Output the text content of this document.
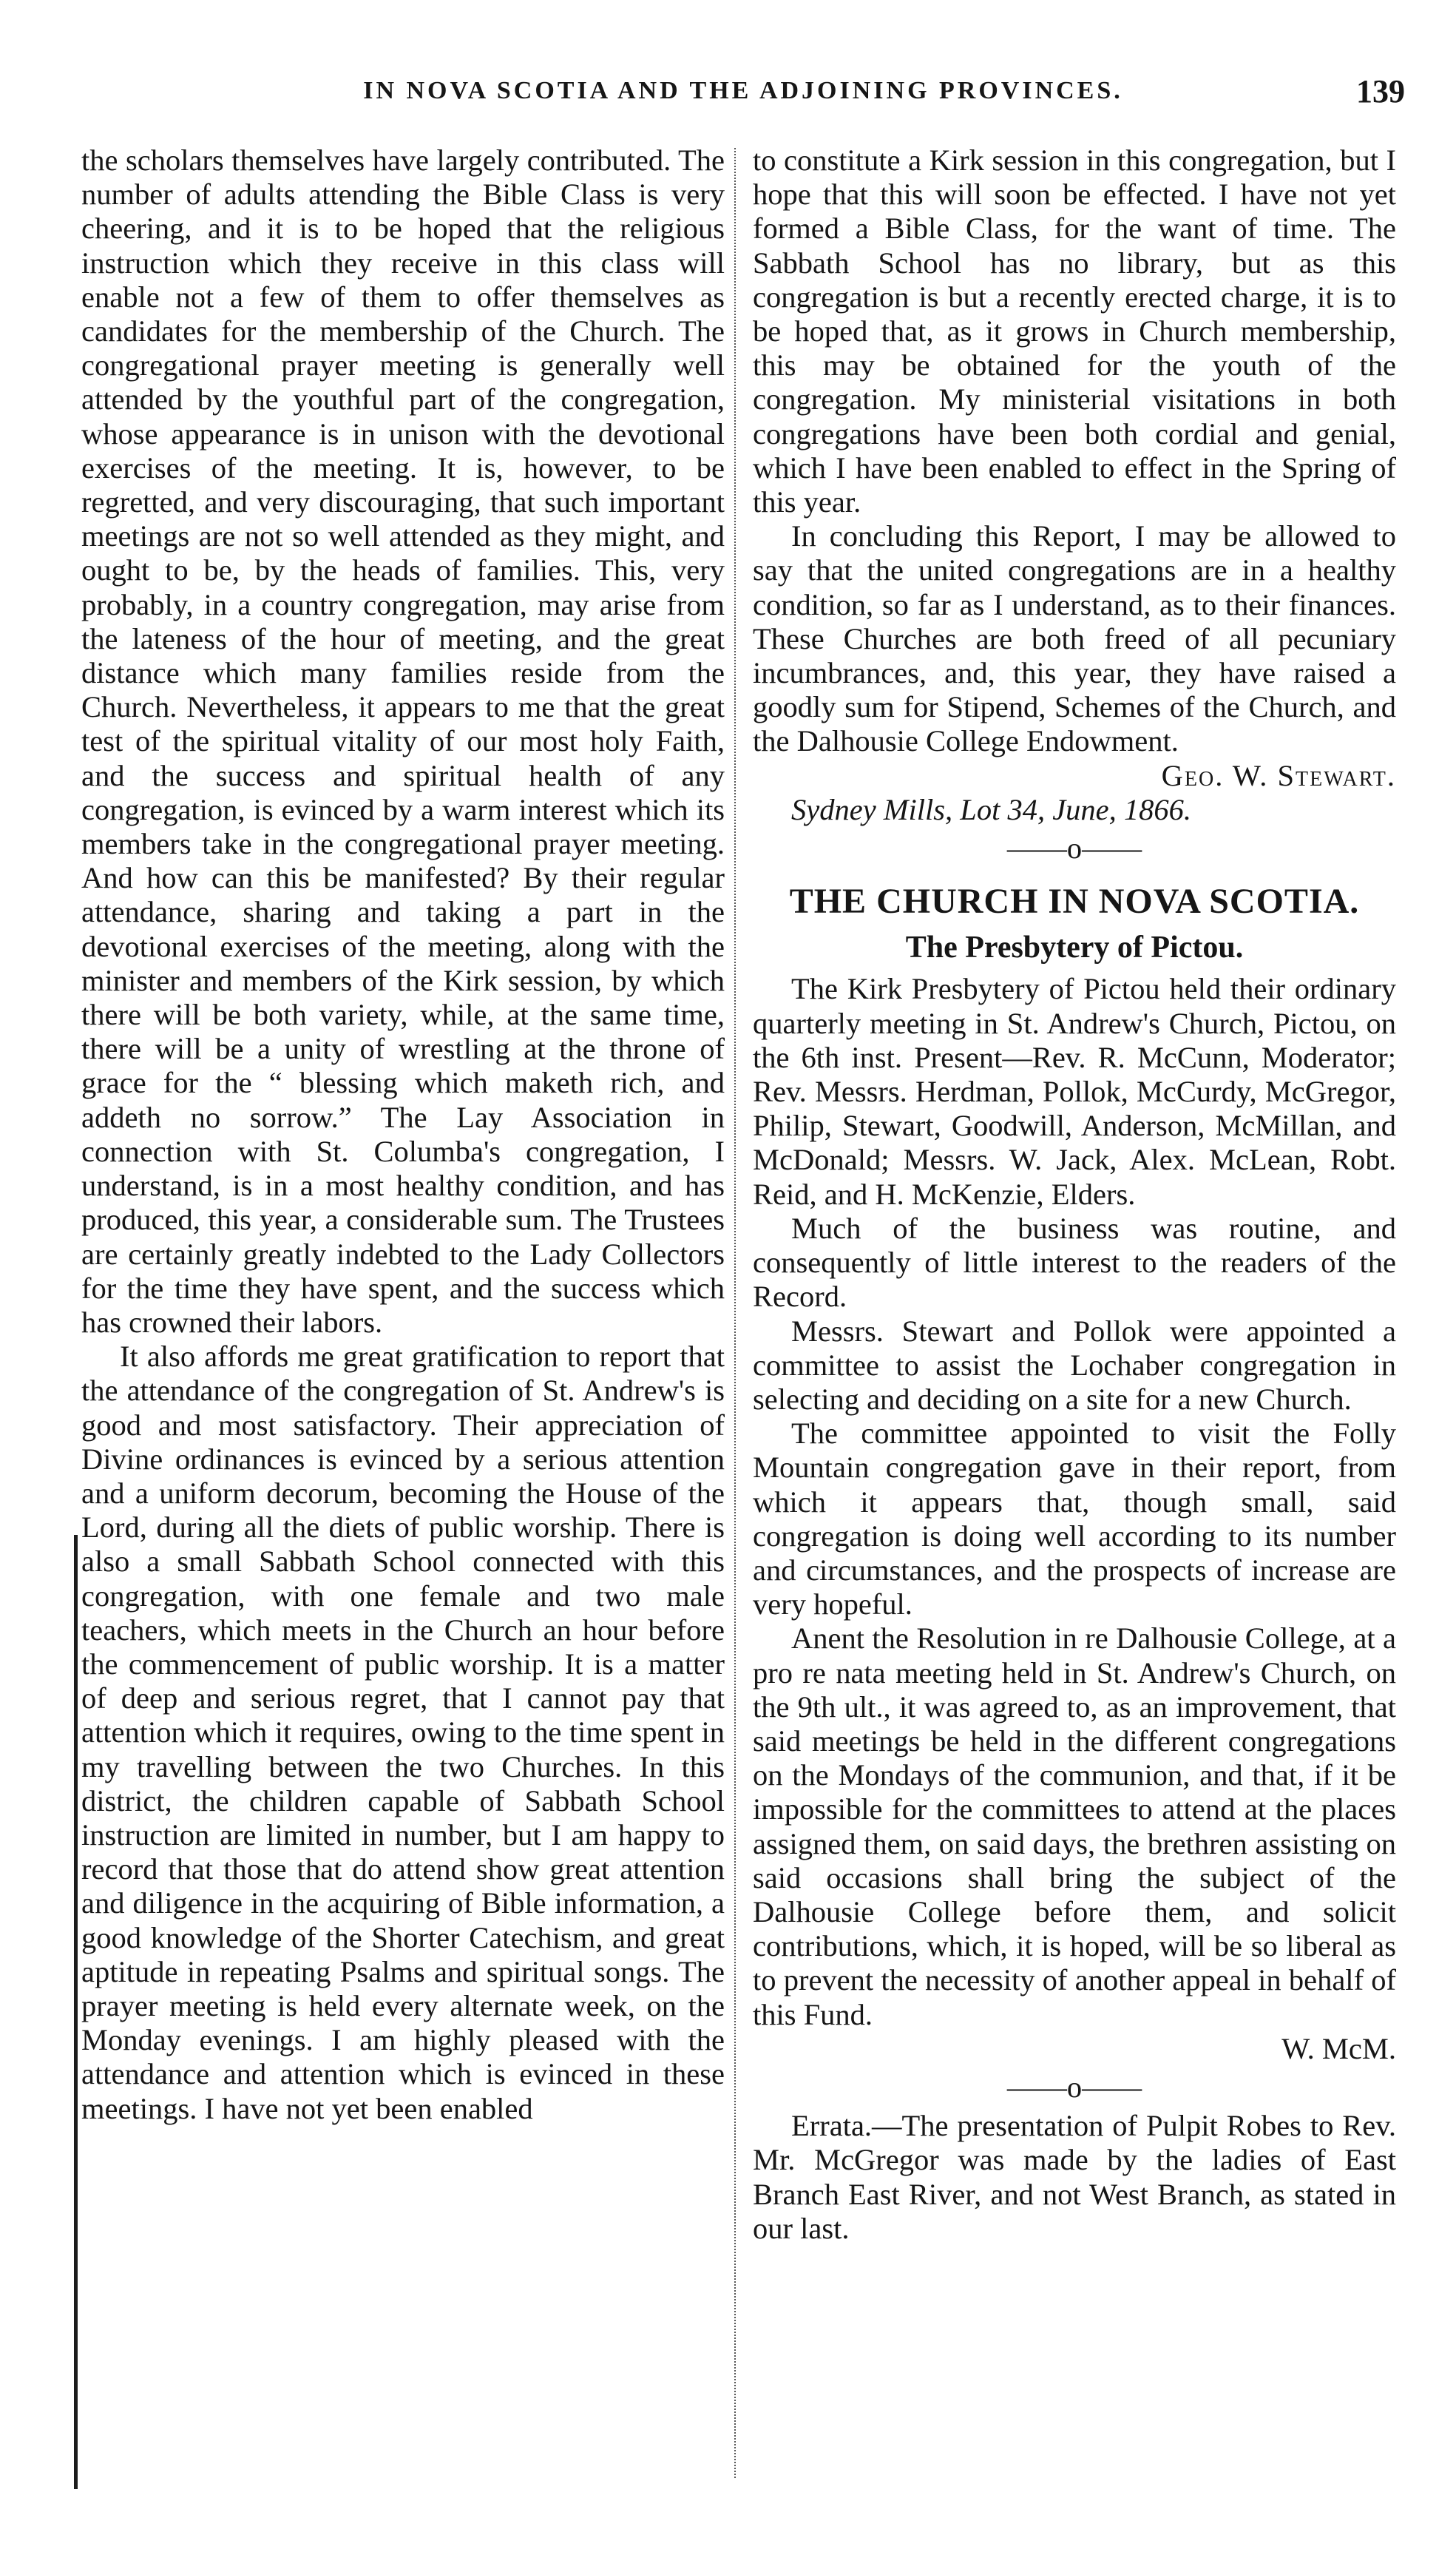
IN NOVA SCOTIA AND THE ADJOINING PROVINCES.	139

the scholars themselves have largely contributed. The number of adults attending the Bible Class is very cheering, and it is to be hoped that the religious instruction which they receive in this class will enable not a few of them to offer themselves as candidates for the membership of the Church. The congregational prayer meeting is generally well attended by the youthful part of the congregation, whose appearance is in unison with the devotional exercises of the meeting. It is, however, to be regretted, and very discouraging, that such important meetings are not so well attended as they might, and ought to be, by the heads of families. This, very probably, in a country congregation, may arise from the lateness of the hour of meeting, and the great distance which many families reside from the Church. Nevertheless, it appears to me that the great test of the spiritual vitality of our most holy Faith, and the success and spiritual health of any congregation, is evinced by a warm interest which its members take in the congregational prayer meeting. And how can this be manifested? By their regular attendance, sharing and taking a part in the devotional exercises of the meeting, along with the minister and members of the Kirk session, by which there will be both variety, while, at the same time, there will be a unity of wrestling at the throne of grace for the “ blessing which maketh rich, and addeth no sorrow.” The Lay Association in connection with St. Columba's congregation, I understand, is in a most healthy condition, and has produced, this year, a considerable sum. The Trustees are certainly greatly indebted to the Lady Collectors for the time they have spent, and the success which has crowned their labors.

It also affords me great gratification to report that the attendance of the congregation of St. Andrew's is good and most satisfactory. Their appreciation of Divine ordinances is evinced by a serious attention and a uniform decorum, becoming the House of the Lord, during all the diets of public worship. There is also a small Sabbath School connected with this congregation, with one female and two male teachers, which meets in the Church an hour before the commencement of public worship. It is a matter of deep and serious regret, that I cannot pay that attention which it requires, owing to the time spent in my travelling between the two Churches. In this district, the children capable of Sabbath School instruction are limited in number, but I am happy to record that those that do attend show great attention and diligence in the acquiring of Bible information, a good knowledge of the Shorter Catechism, and great aptitude in repeating Psalms and spiritual songs. The prayer meeting is held every alternate week, on the Monday evenings. I am highly pleased with the attendance and attention which is evinced in these meetings. I have not yet been enabled

to constitute a Kirk session in this congregation, but I hope that this will soon be effected. I have not yet formed a Bible Class, for the want of time. The Sabbath School has no library, but as this congregation is but a recently erected charge, it is to be hoped that, as it grows in Church membership, this may be obtained for the youth of the congregation. My ministerial visitations in both congregations have been both cordial and genial, which I have been enabled to effect in the Spring of this year.

In concluding this Report, I may be allowed to say that the united congregations are in a healthy condition, so far as I understand, as to their finances. These Churches are both freed of all pecuniary incumbrances, and, this year, they have raised a goodly sum for Stipend, Schemes of the Church, and the Dalhousie College Endowment.

Geo. W. Stewart.

Sydney Mills, Lot 34, June, 1866.

——o——

THE CHURCH IN NOVA SCOTIA.
The Presbytery of Pictou.

The Kirk Presbytery of Pictou held their ordinary quarterly meeting in St. Andrew's Church, Pictou, on the 6th inst. Present—Rev. R. McCunn, Moderator; Rev. Messrs. Herdman, Pollok, McCurdy, McGregor, Philip, Stewart, Goodwill, Anderson, McMillan, and McDonald; Messrs. W. Jack, Alex. McLean, Robt. Reid, and H. McKenzie, Elders.

Much of the business was routine, and consequently of little interest to the readers of the Record.

Messrs. Stewart and Pollok were appointed a committee to assist the Lochaber congregation in selecting and deciding on a site for a new Church.

The committee appointed to visit the Folly Mountain congregation gave in their report, from which it appears that, though small, said congregation is doing well according to its number and circumstances, and the prospects of increase are very hopeful.

Anent the Resolution in re Dalhousie College, at a pro re nata meeting held in St. Andrew's Church, on the 9th ult., it was agreed to, as an improvement, that said meetings be held in the different congregations on the Mondays of the communion, and that, if it be impossible for the committees to attend at the places assigned them, on said days, the brethren assisting on said occasions shall bring the subject of the Dalhousie College before them, and solicit contributions, which, it is hoped, will be so liberal as to prevent the necessity of another appeal in behalf of this Fund.

W. McM.

——o——

Errata.—The presentation of Pulpit Robes to Rev. Mr. McGregor was made by the ladies of East Branch East River, and not West Branch, as stated in our last.
